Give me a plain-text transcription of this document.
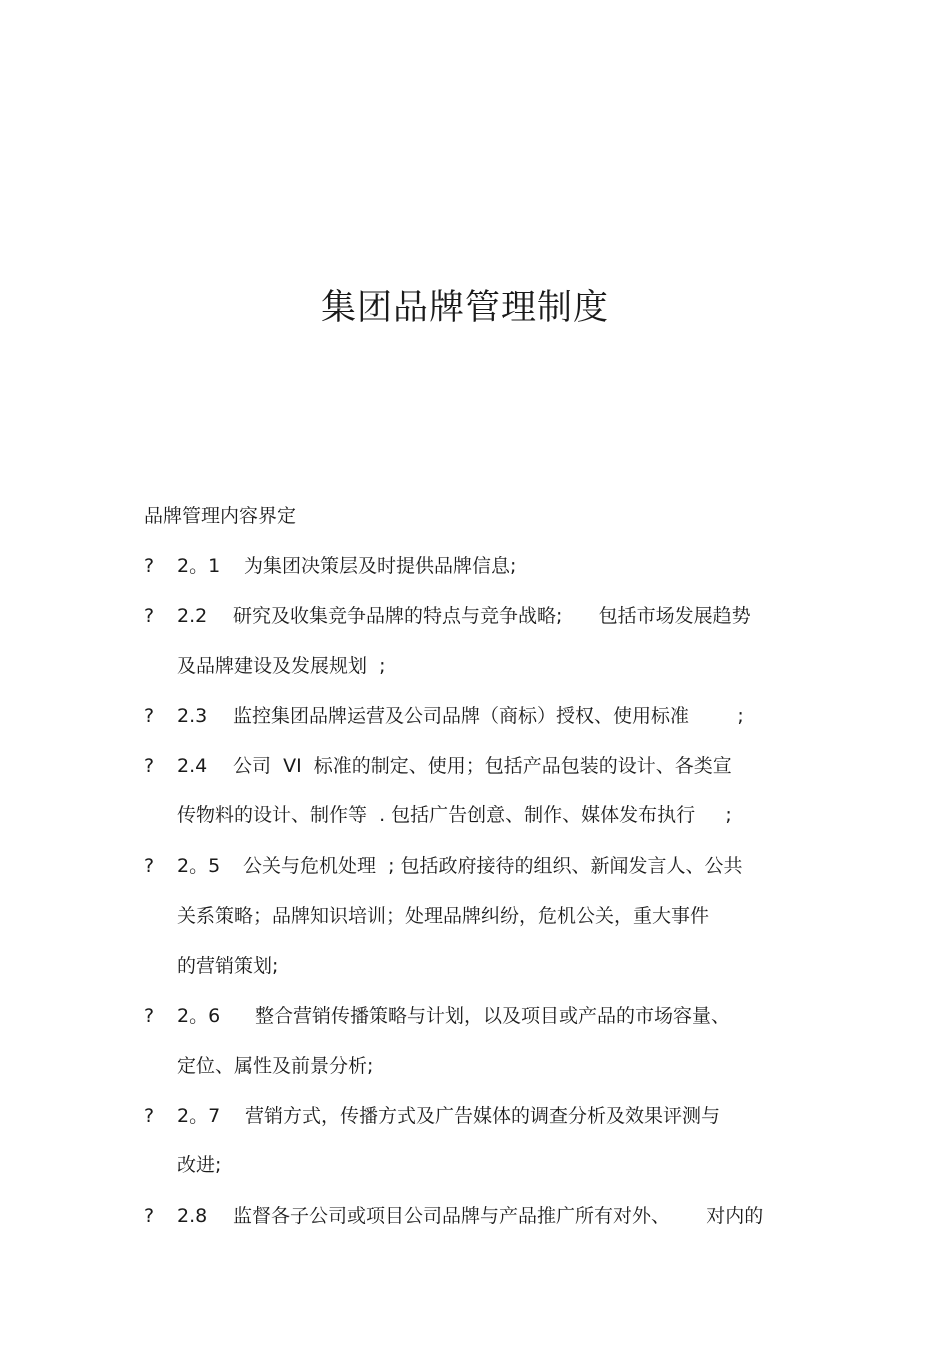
集团品牌管理制度
品牌管理内容界定
? 2。1 为集团决策层及时提供品牌信息;
? 2.2 研究及收集竞争品牌的特点与竞争战略;      包括市场发展趋势
及品牌建设及发展规划  ;
? 2.3 监控集团品牌运营及公司品牌（商标）授权、使用标准        ;
? 2.4 公司  VI  标准的制定、使用；包括产品包装的设计、各类宣
传物料的设计、制作等  . 包括广告创意、制作、媒体发布执行     ;
? 2。5 公关与危机处理  ; 包括政府接待的组织、新闻发言人、公共
关系策略；品牌知识培训；处理品牌纠纷，危机公关，重大事件
的营销策划;
? 2。6 整合营销传播策略与计划，以及项目或产品的市场容量、
定位、属性及前景分析;
? 2。7 营销方式，传播方式及广告媒体的调查分析及效果评测与
改进;
? 2.8 监督各子公司或项目公司品牌与产品推广所有对外、      对内的
